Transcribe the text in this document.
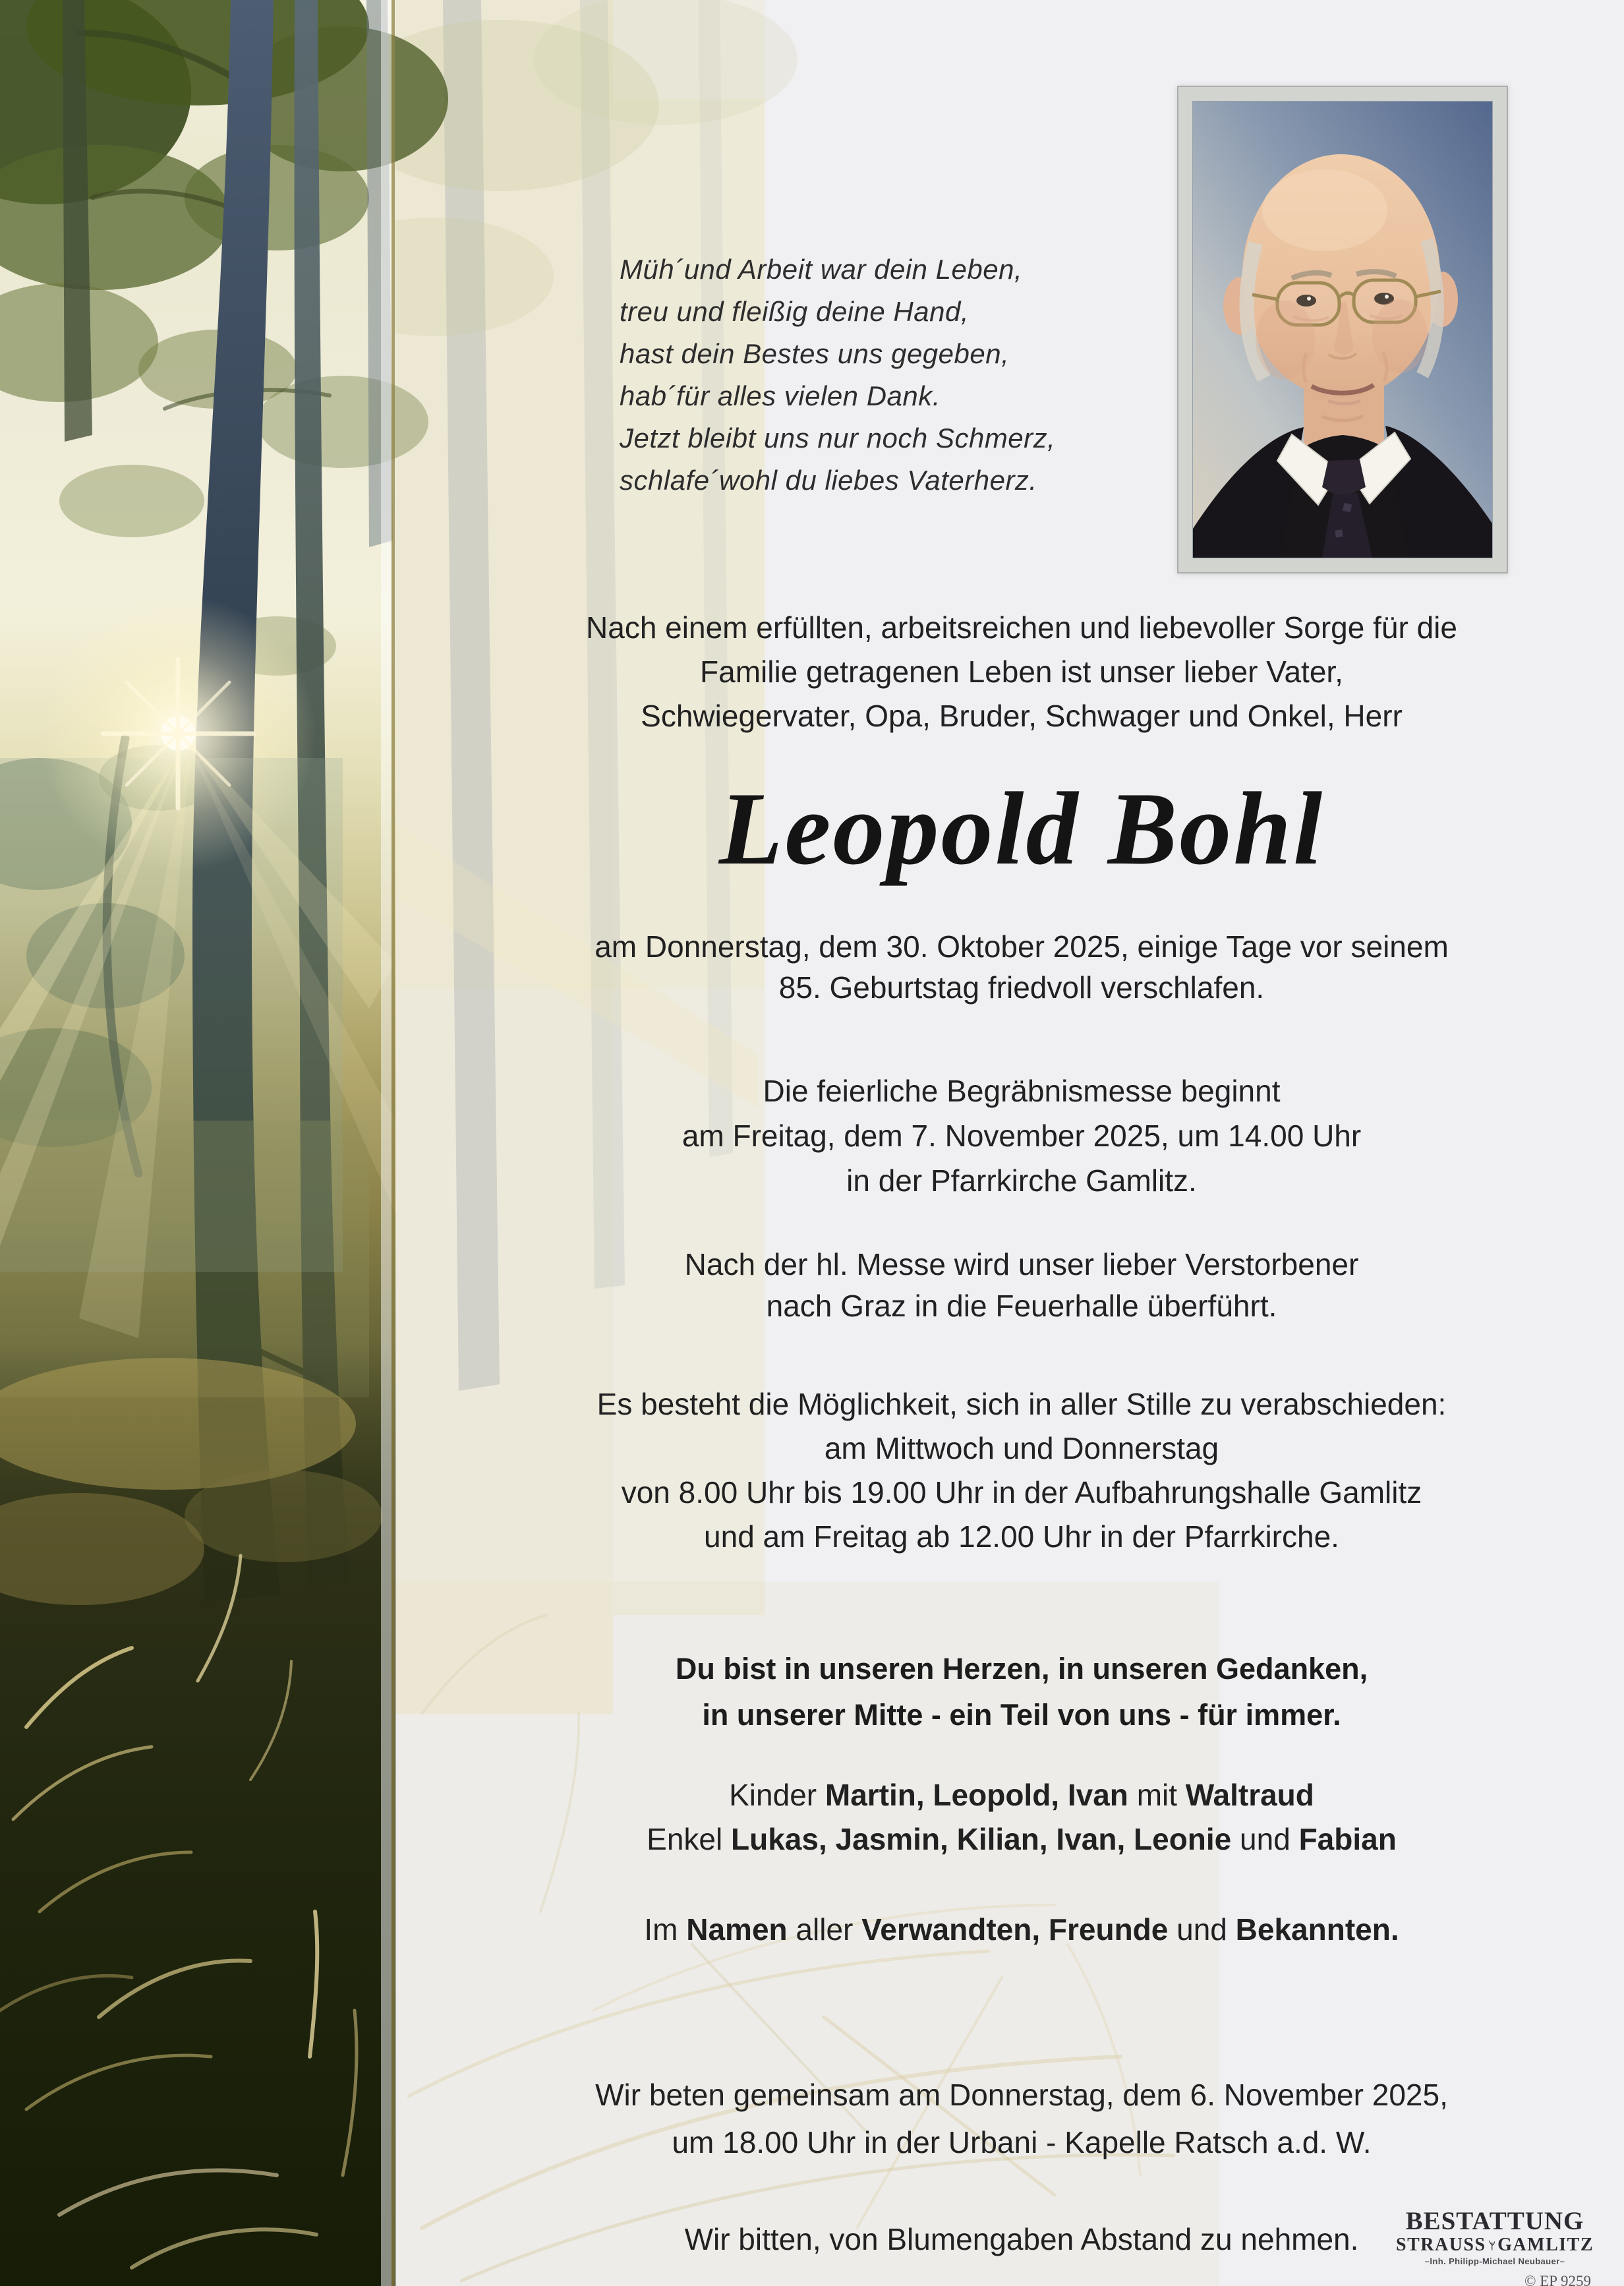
Müh´und Arbeit war dein Leben,
treu und fleißig deine Hand,
hast dein Bestes uns gegeben,
hab´für alles vielen Dank.
Jetzt bleibt uns nur noch Schmerz,
schlafe´wohl du liebes Vaterherz.
Nach einem erfüllten, arbeitsreichen und liebevoller Sorge für die
Familie getragenen Leben ist unser lieber Vater,
Schwiegervater, Opa, Bruder, Schwager und Onkel, Herr
Leopold Bohl
am Donnerstag, dem 30. Oktober 2025, einige Tage vor seinem
85. Geburtstag friedvoll verschlafen.
Die feierliche Begräbnismesse beginnt
am Freitag, dem 7. November 2025, um 14.00 Uhr
in der Pfarrkirche Gamlitz.
Nach der hl. Messe wird unser lieber Verstorbener
nach Graz in die Feuerhalle überführt.
Es besteht die Möglichkeit, sich in aller Stille zu verabschieden:
am Mittwoch und Donnerstag
von 8.00 Uhr bis 19.00 Uhr in der Aufbahrungshalle Gamlitz
und am Freitag ab 12.00 Uhr in der Pfarrkirche.
Du bist in unseren Herzen, in unseren Gedanken,
in unserer Mitte - ein Teil von uns - für immer.
Kinder Martin, Leopold, Ivan mit Waltraud
Enkel Lukas, Jasmin, Kilian, Ivan, Leonie und Fabian
Im Namen aller Verwandten, Freunde und Bekannten.
Wir beten gemeinsam am Donnerstag, dem 6. November 2025,
um 18.00 Uhr in der Urbani - Kapelle Ratsch a.d. W.
Wir bitten, von Blumengaben Abstand zu nehmen.
BESTATTUNG
STRAUSS GAMLITZ
–Inh. Philipp-Michael Neubauer–
© EP 9259
